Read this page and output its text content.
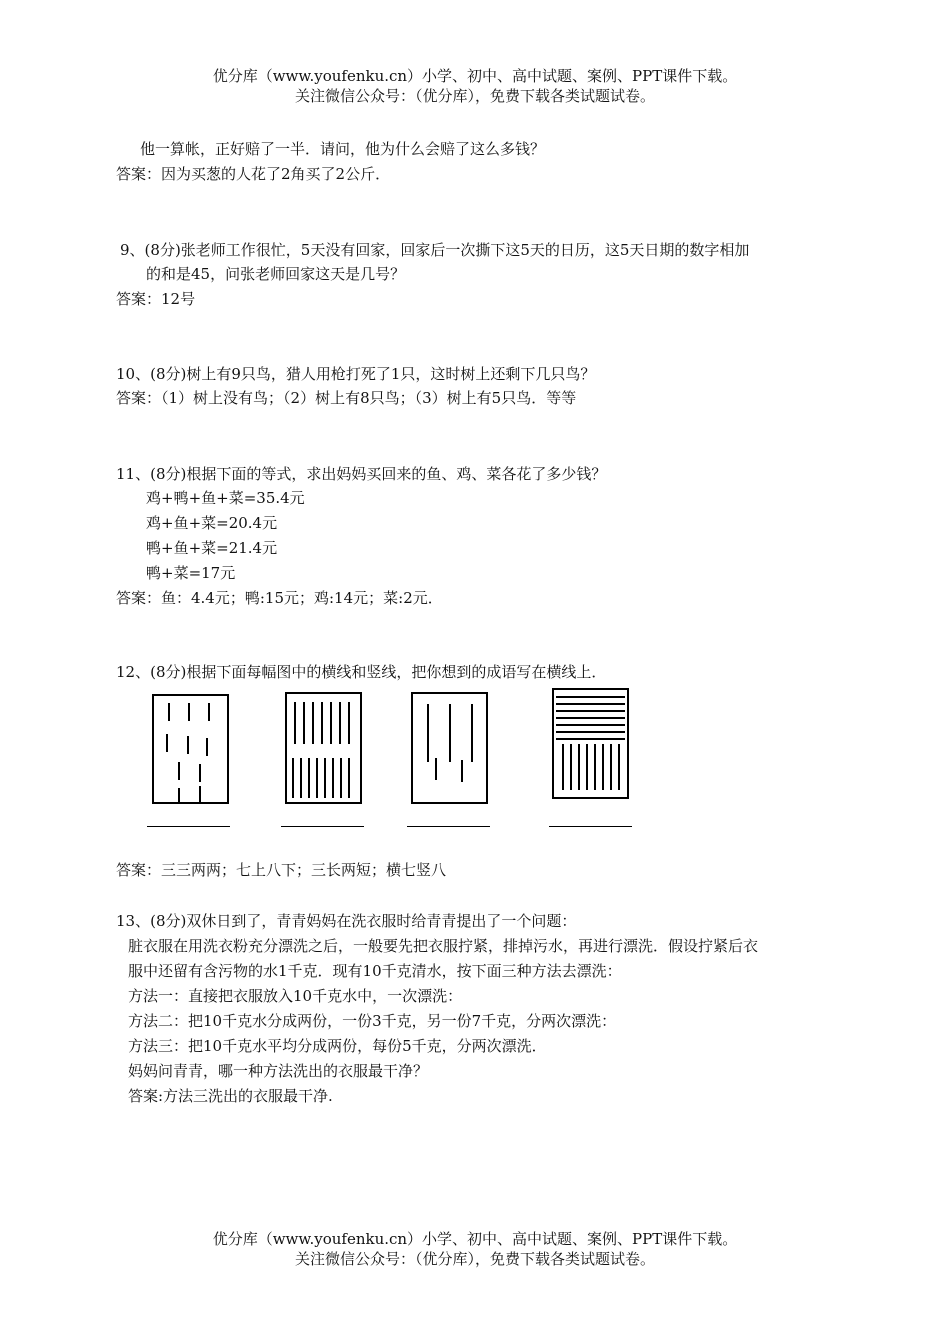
优分库（www.youfenku.cn）小学、初中、高中试题、案例、PPT课件下载。
关注微信公众号：（优分库），免费下载各类试题试卷。
他一算帐，正好赔了一半．请问，他为什么会赔了这么多钱？
答案：因为买葱的人花了2角买了2公斤．
9、(8分)张老师工作很忙，5天没有回家，回家后一次撕下这5天的日历，这5天日期的数字相加
的和是45，问张老师回家这天是几号？
答案：12号
10、(8分)树上有9只鸟，猎人用枪打死了1只，这时树上还剩下几只鸟？
答案：（1）树上没有鸟；（2）树上有8只鸟；（3）树上有5只鸟．等等
11、(8分)根据下面的等式，求出妈妈买回来的鱼、鸡、菜各花了多少钱？
鸡+鸭+鱼+菜=35.4元
鸡+鱼+菜=20.4元
鸭+鱼+菜=21.4元
鸭+菜=17元
答案：鱼：4.4元；鸭:15元；鸡:14元；菜:2元．
12、(8分)根据下面每幅图中的横线和竖线，把你想到的成语写在横线上．
答案：三三两两；七上八下；三长两短；横七竖八
13、(8分)双休日到了，青青妈妈在洗衣服时给青青提出了一个问题：
脏衣服在用洗衣粉充分漂洗之后，一般要先把衣服拧紧，排掉污水，再进行漂洗．假设拧紧后衣
服中还留有含污物的水1千克．现有10千克清水，按下面三种方法去漂洗：
方法一：直接把衣服放入10千克水中，一次漂洗：
方法二：把10千克水分成两份，一份3千克，另一份7千克，分两次漂洗：
方法三：把10千克水平均分成两份，每份5千克，分两次漂洗．
妈妈问青青，哪一种方法洗出的衣服最干净？
答案:方法三洗出的衣服最干净.
优分库（www.youfenku.cn）小学、初中、高中试题、案例、PPT课件下载。
关注微信公众号：（优分库），免费下载各类试题试卷。
